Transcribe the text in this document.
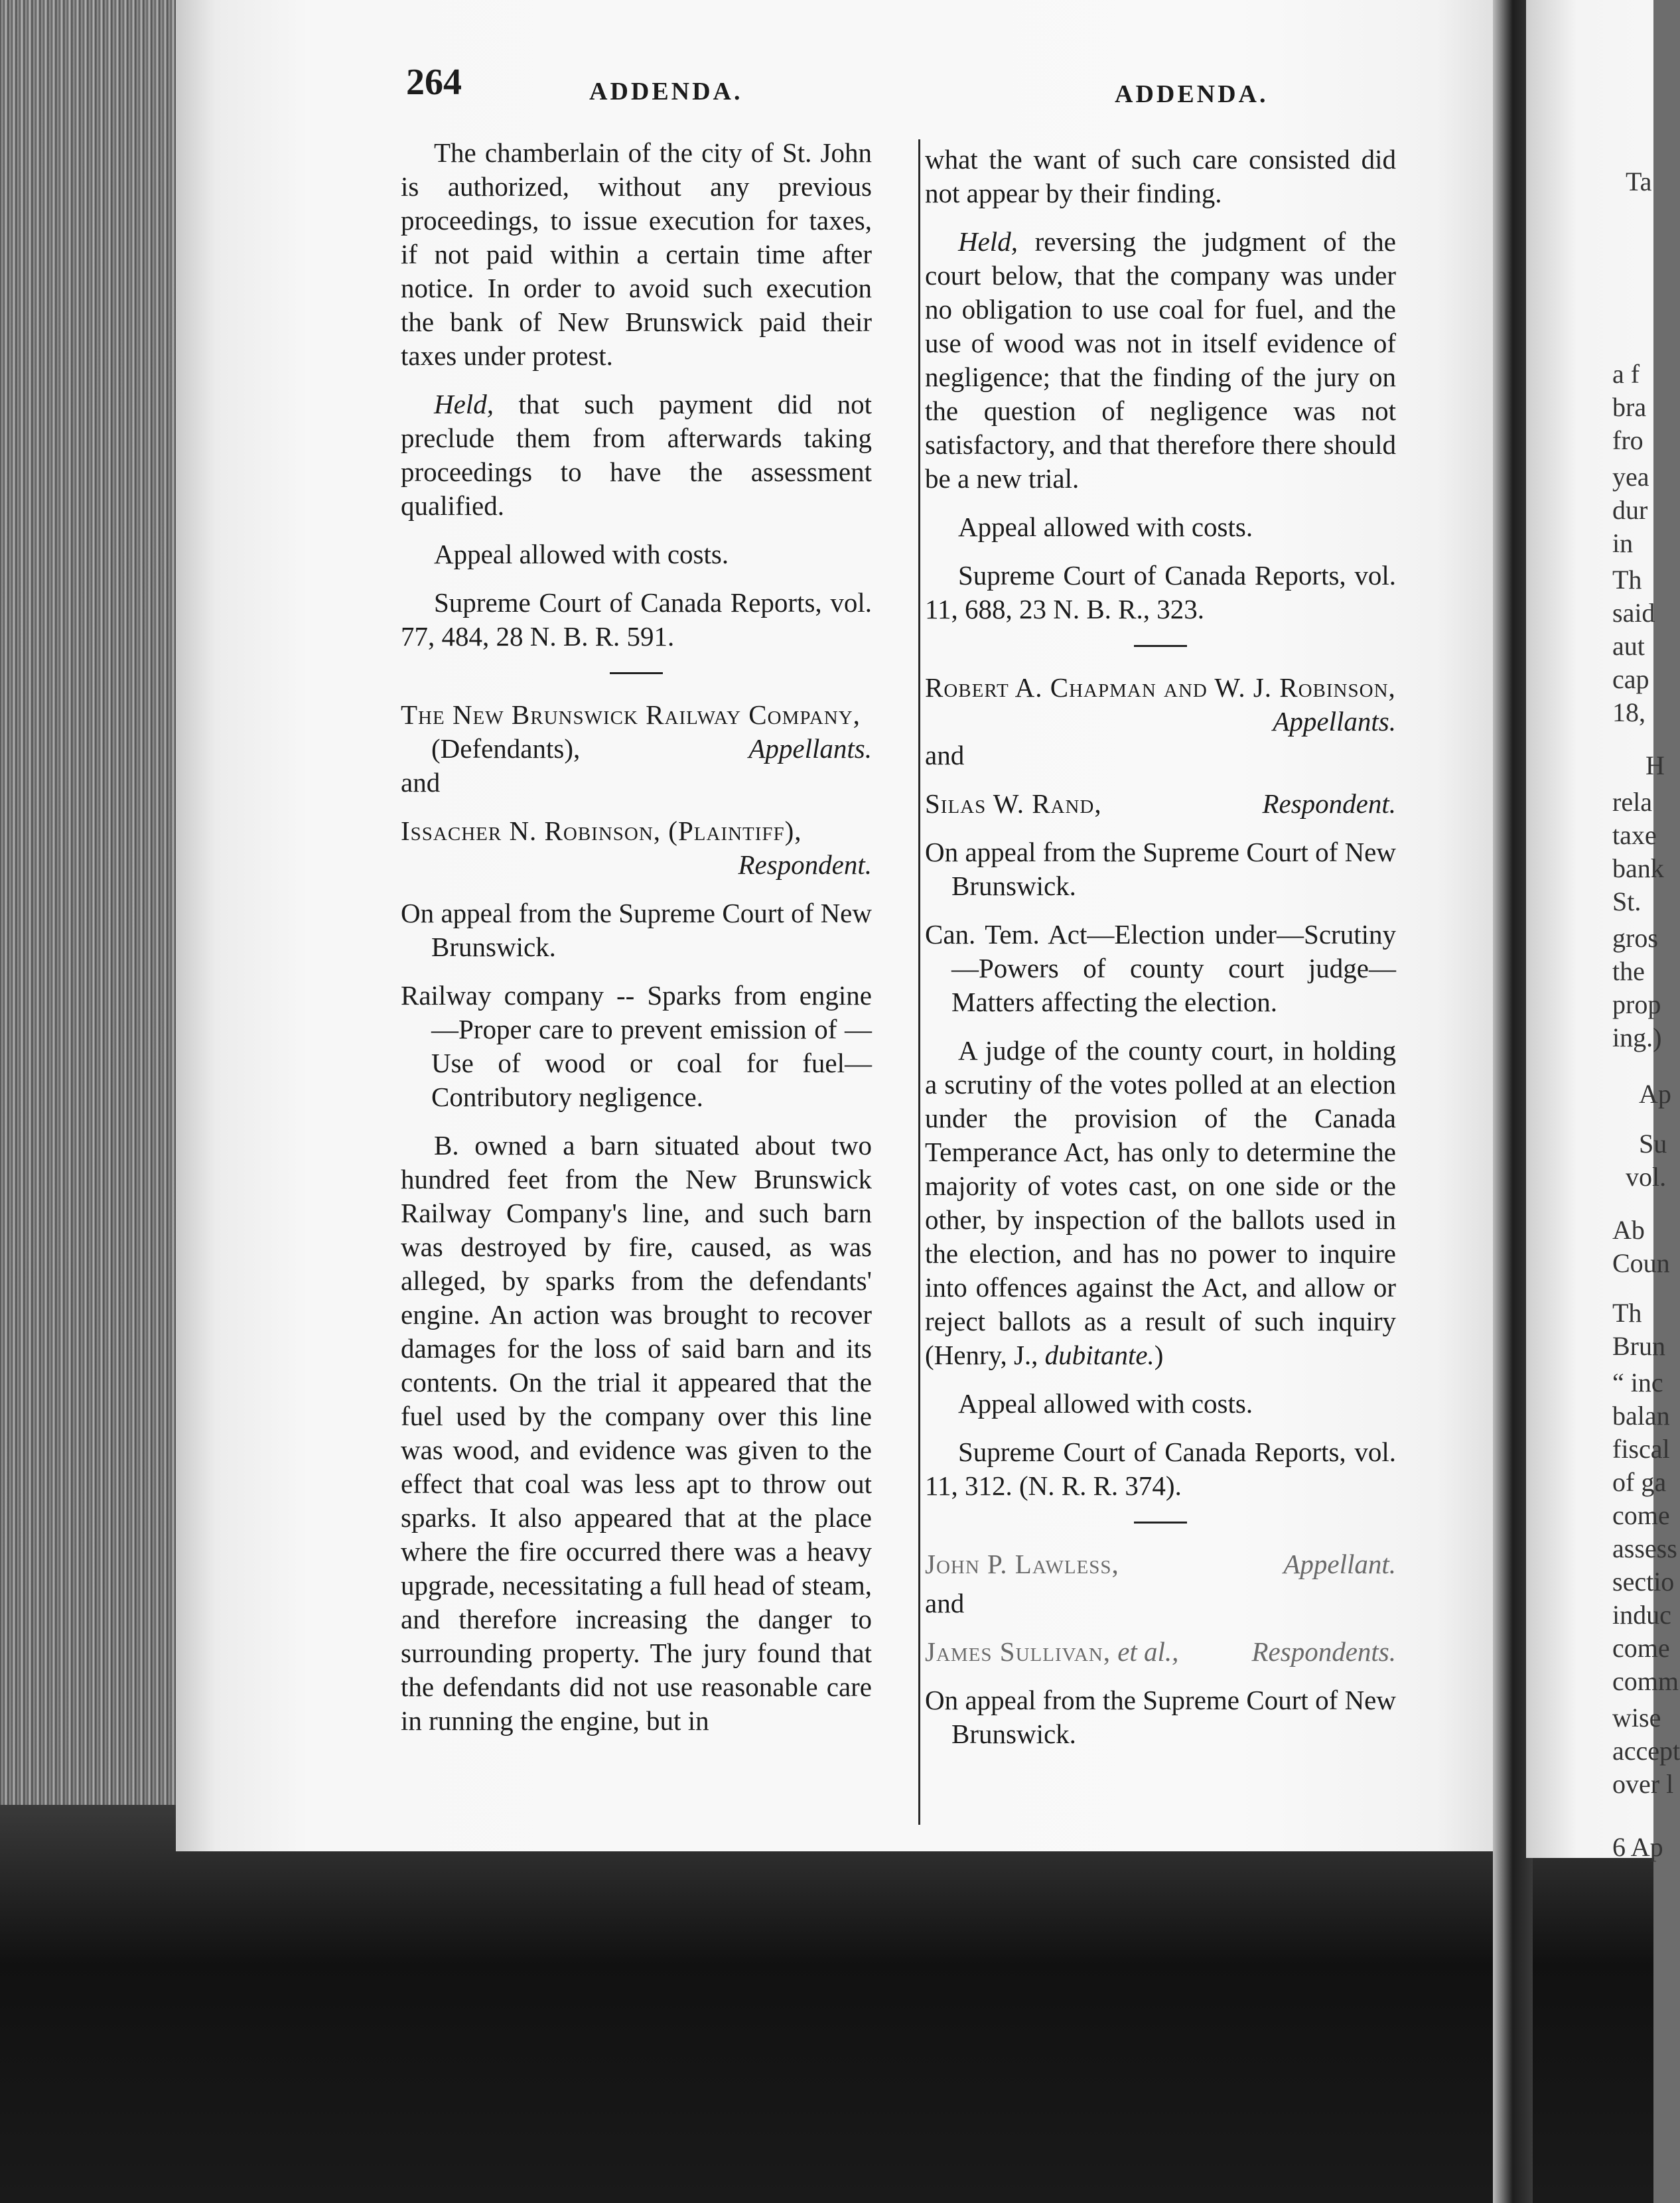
Ta
a f
bra
fro
yea
dur
in
Th
said
aut
cap
18,
H
rela
taxe
bank
St.
gros
the
prop
ing.)
Ap
Su
vol.
Ab
Coun
Th
Brun
“ inc
balan
fiscal
of ga
come
assess
sectio
induc
come
comm
wise
accept
over l
6 Ap
264	ADDENDA.	ADDENDA.

The chamberlain of the city of St. John is authorized, without any previous proceedings, to issue execution for taxes, if not paid within a certain time after notice. In order to avoid such execution the bank of New Brunswick paid their taxes under protest.

Held, that such payment did not preclude them from afterwards taking proceedings to have the assessment qualified.

Appeal allowed with costs.

Supreme Court of Canada Reports, vol. 77, 484, 28 N. B. R. 591.

The New Brunswick Railway Company,

(Defendants),	Appellants.

and

Issacher N. Robinson, (Plaintiff),

Respondent.

On appeal from the Supreme Court of New Brunswick.

Railway company -- Sparks from engine —Proper care to prevent emission of —Use of wood or coal for fuel—Contributory negligence.

B. owned a barn situated about two hundred feet from the New Brunswick Railway Company's line, and such barn was destroyed by fire, caused, as was alleged, by sparks from the defendants' engine. An action was brought to recover damages for the loss of said barn and its contents. On the trial it appeared that the fuel used by the company over this line was wood, and evidence was given to the effect that coal was less apt to throw out sparks. It also appeared that at the place where the fire occurred there was a heavy upgrade, necessitating a full head of steam, and therefore increasing the danger to surrounding property. The jury found that the defendants did not use reasonable care in running the engine, but in

what the want of such care consisted did not appear by their finding.

Held, reversing the judgment of the court below, that the company was under no obligation to use coal for fuel, and the use of wood was not in itself evidence of negligence; that the finding of the jury on the question of negligence was not satisfactory, and that therefore there should be a new trial.

Appeal allowed with costs.

Supreme Court of Canada Reports, vol. 11, 688, 23 N. B. R., 323.

Robert A. Chapman and W. J. Robinson,

Appellants.

and

Silas W. Rand,	Respondent.

On appeal from the Supreme Court of New Brunswick.

Can. Tem. Act—Election under—Scrutiny—Powers of county court judge—Matters affecting the election.

A judge of the county court, in holding a scrutiny of the votes polled at an election under the provision of the Canada Temperance Act, has only to determine the majority of votes cast, on one side or the other, by inspection of the ballots used in the election, and has no power to inquire into offences against the Act, and allow or reject ballots as a result of such inquiry (Henry, J., dubitante.)

Appeal allowed with costs.

Supreme Court of Canada Reports, vol. 11, 312. (N. R. R. 374).

John P. Lawless,	Appellant.

and

James Sullivan, et al.,	Respondents.

On appeal from the Supreme Court of New Brunswick.
